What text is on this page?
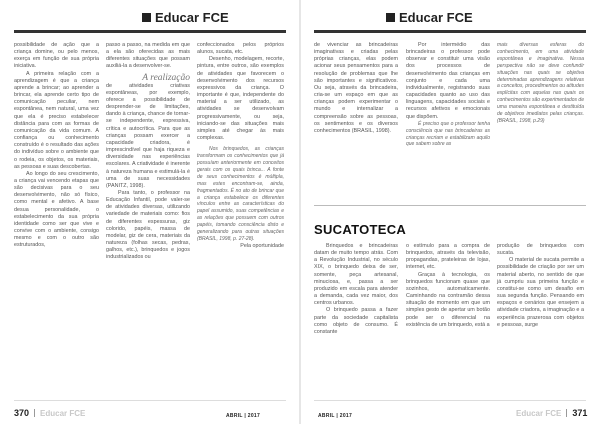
Educar FCE

possibilidade de ação que a criança domine, ou pelo menos, exerça em função de sua própria iniciativa.

A primeira relação com a aprendizagem é que a criança aprende a brincar; ao aprender a brincar, ela aprende certo tipo de comunicação peculiar, nem espontânea, nem natural, uma vez que ela é preciso estabelecer distância para com as formas de comunicação da vida comum. A confiança ou conhecimento construído é o resultado das ações do indivíduo sobre o ambiente que o rodeia, os objetos, os materiais, as pessoas e suas descobertas.

Ao longo do seu crescimento, a criança vai vencendo etapas que são decisivas para o seu desenvolvimento, não só físico, como mental e afetivo. A base desua personalidade, o estabelecimento da sua própria identidade como ser que vive e convive com o ambiente, consigo mesmo e com o outro são estruturados,

passo a passo, na medida em que a ela são oferecidas as mais diferentes situações que possam auxiliá-la a desenvolver-se.

A realização

de atividades criativas espontâneas, por exemplo, oferece a possibilidade de desprender-se de limitações, dando à criança, chance de tornar-se independente, expressiva, crítica e autocrítica. Para que as crianças possam exercer a capacidade criadora, é imprescindível que haja riqueza e diversidade nas experiências escolares. A criatividade é inerente à natureza humana e estimulá-la é uma de suas necessidades (PANITZ, 1998).

Para tanto, o professor na Educação Infantil, pode valer-se de atividades diversas, utilizando variedade de materiais como: fios de diferentes espessuras, giz colorido, papéis, massa de modelar, giz de cera, materiais da natureza (folhas secas, pedras, galhos, etc.), brinquedos e jogos industrializados ou

confeccionados pelos próprios alunos, sucata, etc.

Desenho, modelagem, recorte, pintura, entre outros, são exemplos de atividades que favorecem o desenvolvimento dos recursos expressivos da criança. O importante é que, independente do material a ser utilizado, as atividades se desenvolvam progressivamente, ou seja, iniciando-se das situações mais simples até chegar às mais complexas.

Nos brinquedos, as crianças transformam os conhecimentos que já possuíam anteriormente em conceitos gerais com os quais brinca... A fonte de seus conhecimentos é múltipla, mas estes encontram-se, ainda, fragmentados. É no ato de brincar que a criança estabelece os diferentes vínculos entre as características do papel assumido, suas competências e as relações que possuem com outros papéis, tomando consciência disto e generalizando para outras situações (BRASIL, 1998, p. 27-28).

Pela oportunidade

370 Educar FCE	ABRIL | 2017
Educar FCE

de vivenciar as brincadeiras imaginativas e criadas pelas próprias crianças, elas podem acionar seus pensamentos para a resolução de problemas que lhe são importantes e significativos. Ou seja, através da brincadeira, cria-se um espaço em que as crianças podem experimentar o mundo e internalizar a compreensão sobre as pessoas, os sentimentos e os diversos conhecimentos (BRASIL, 1998).

Por intermédio das brincadeiras o professor pode observar e constituir uma visão dos processos de desenvolvimento das crianças em conjunto e cada uma individualmente, registrando suas capacidades quanto ao uso das linguagens, capacidades sociais e recursos afetivos e emocionais que dispõem.

É preciso que o professor tenha consciência que nas brincadeiras as crianças recriam e estabilizam aquilo que sabem sobre as

mais diversas esferas do conhecimento, em uma atividade espontânea e imaginativa. Nessa perspectiva não se deve confundir situações nas quais se objetiva determinadas aprendizagens relativas a conceitos, procedimentos ou atitudes explícitas com aquelas nas quais os conhecimentos são experimentados de uma maneira espontânea e destituída de objetivos imediatos pelas crianças. (BRASIL, 1998, p.29)

SUCATOTECA

Brinquedos e brincadeiras datam de muito tempo atrás. Com a Revolução Industrial, no século XIX, o brinquedo deixa de ser, somente, peça artesanal, minuciosa, e, passa a ser produzido em escala para atender a demanda, cada vez maior, dos centros urbanos.

O brinquedo passa a fazer parte da sociedade capitalista como objeto de consumo. É constante

o estímulo para a compra de brinquedos, através da televisão, propagandas, prateleiras de lojas, internet, etc.

Graças à tecnologia, os brinquedos funcionam quase que sozinhos, automaticamente. Caminhando na contramão dessa situação de momento em que um simples gesto de apertar um botão pode ser o diferencial na existência de um brinquedo, está a

produção de brinquedos com sucata.

O material de sucata permite a possibilidade de criação por ser um material aberto, no sentido de que já cumpriu sua primeira função e constitui-se como um desafio em sua segunda função. Pensando em espaços e cenários que ensejem a atividade criadora, a imaginação e a experiência prazerosa com objetos e pessoas, surge

ABRIL | 2017	Educar FCE 371
